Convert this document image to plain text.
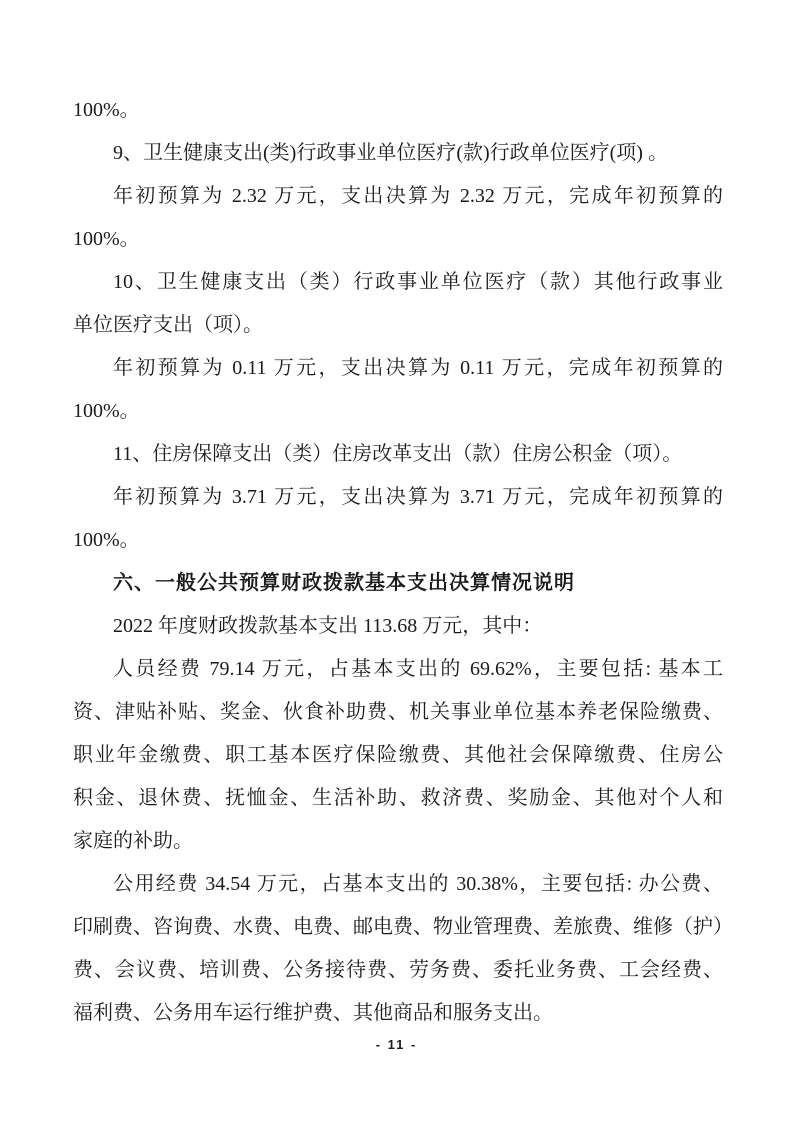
100%。
9、卫生健康支出(类)行政事业单位医疗(款)行政单位医疗(项) 。
年初预算为 2.32 万元，支出决算为 2.32 万元，完成年初预算的
100%。
10、卫生健康支出（类）行政事业单位医疗（款）其他行政事业
单位医疗支出（项）。
年初预算为 0.11 万元，支出决算为 0.11 万元，完成年初预算的
100%。
11、住房保障支出（类）住房改革支出（款）住房公积金（项）。
年初预算为 3.71 万元，支出决算为 3.71 万元，完成年初预算的
100%。
六、一般公共预算财政拨款基本支出决算情况说明
2022 年度财政拨款基本支出 113.68 万元，其中：
人员经费 79.14 万元，占基本支出的 69.62%，主要包括: 基本工
资、津贴补贴、奖金、伙食补助费、机关事业单位基本养老保险缴费、
职业年金缴费、职工基本医疗保险缴费、其他社会保障缴费、住房公
积金、退休费、抚恤金、生活补助、救济费、奖励金、其他对个人和
家庭的补助。
公用经费 34.54 万元，占基本支出的 30.38%，主要包括: 办公费、
印刷费、咨询费、水费、电费、邮电费、物业管理费、差旅费、维修（护）
费、会议费、培训费、公务接待费、劳务费、委托业务费、工会经费、
福利费、公务用车运行维护费、其他商品和服务支出。
- 11 -
